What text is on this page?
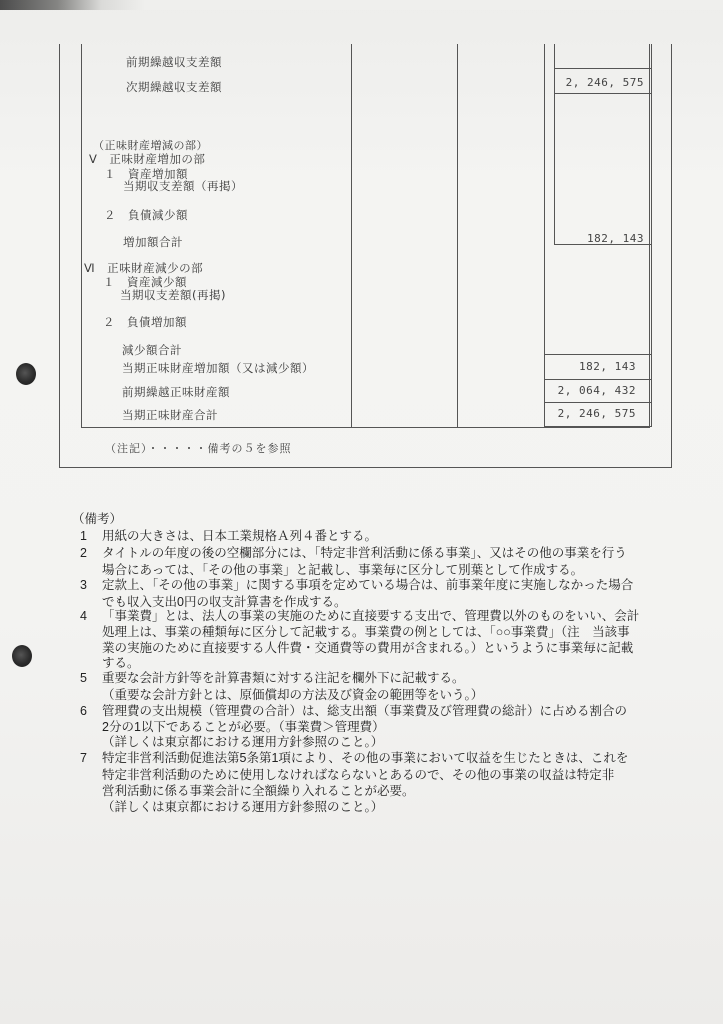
前期繰越収支差額
次期繰越収支差額	2, 246, 575
（正味財産増減の部）
Ⅴ　正味財産増加の部
１　資産増加額
当期収支差額（再掲）
２　負債減少額
増加額合計	182, 143
Ⅵ　正味財産減少の部
１　資産減少額
当期収支差額(再掲)
２　負債増加額
減少額合計
当期正味財産増加額（又は減少額）	182, 143
前期繰越正味財産額	2, 064, 432
当期正味財産合計	2, 246, 575
（注記）・・・・・備考の５を参照
（備考）
1 用紙の大きさは、日本工業規格Ａ列４番とする。
2 タイトルの年度の後の空欄部分には、「特定非営利活動に係る事業」、又はその他の事業を行う
場合にあっては、「その他の事業」と記載し、事業毎に区分して別葉として作成する。
3 定款上、「その他の事業」に関する事項を定めている場合は、前事業年度に実施しなかった場合
でも収入支出0円の収支計算書を作成する。
4 「事業費」とは、法人の事業の実施のために直接要する支出で、管理費以外のものをいい、会計
処理上は、事業の種類毎に区分して記載する。事業費の例としては、「○○事業費」（注　当該事
業の実施のために直接要する人件費・交通費等の費用が含まれる。）というように事業毎に記載
する。
5 重要な会計方針等を計算書類に対する注記を欄外下に記載する。
（重要な会計方針とは、原価償却の方法及び資金の範囲等をいう。）
6 管理費の支出規模（管理費の合計）は、総支出額（事業費及び管理費の総計）に占める割合の
2分の1以下であることが必要。（事業費＞管理費）
（詳しくは東京都における運用方針参照のこと。）
7 特定非営利活動促進法第5条第1項により、その他の事業において収益を生じたときは、これを
特定非営利活動のために使用しなければならないとあるので、その他の事業の収益は特定非
営利活動に係る事業会計に全額繰り入れることが必要。
（詳しくは東京都における運用方針参照のこと。）
